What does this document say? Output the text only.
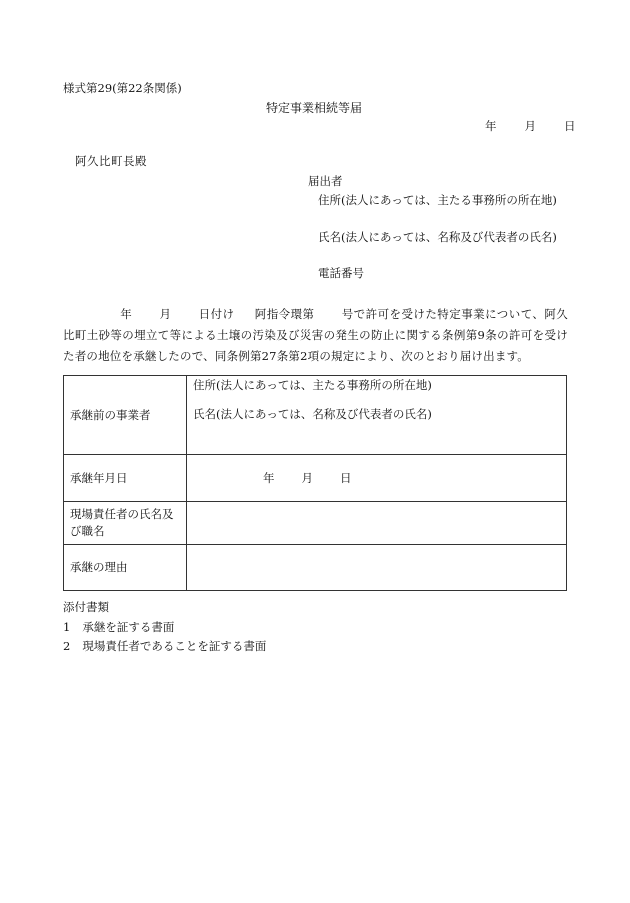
様式第29(第22条関係)
特定事業相続等届
年 月 日
阿久比町長殿
届出者
住所(法人にあっては、主たる事務所の所在地)
氏名(法人にあっては、名称及び代表者の氏名)
電話番号
年 月 日付け 阿指令環第 号で許可を受けた特定事業について、阿久比町土砂等の埋立て等による土壌の汚染及び災害の発生の防止に関する条例第9条の許可を受けた者の地位を承継したので、同条例第27条第2項の規定により、次のとおり届け出ます。
承継前の事業者	住所(法人にあっては、主たる事務所の所在地)
氏名(法人にあっては、名称及び代表者の氏名)

承継年月日	年 月 日
現場責任者の氏名及び職名	
承継の理由	
添付書類
1 承継を証する書面
2 現場責任者であることを証する書面
